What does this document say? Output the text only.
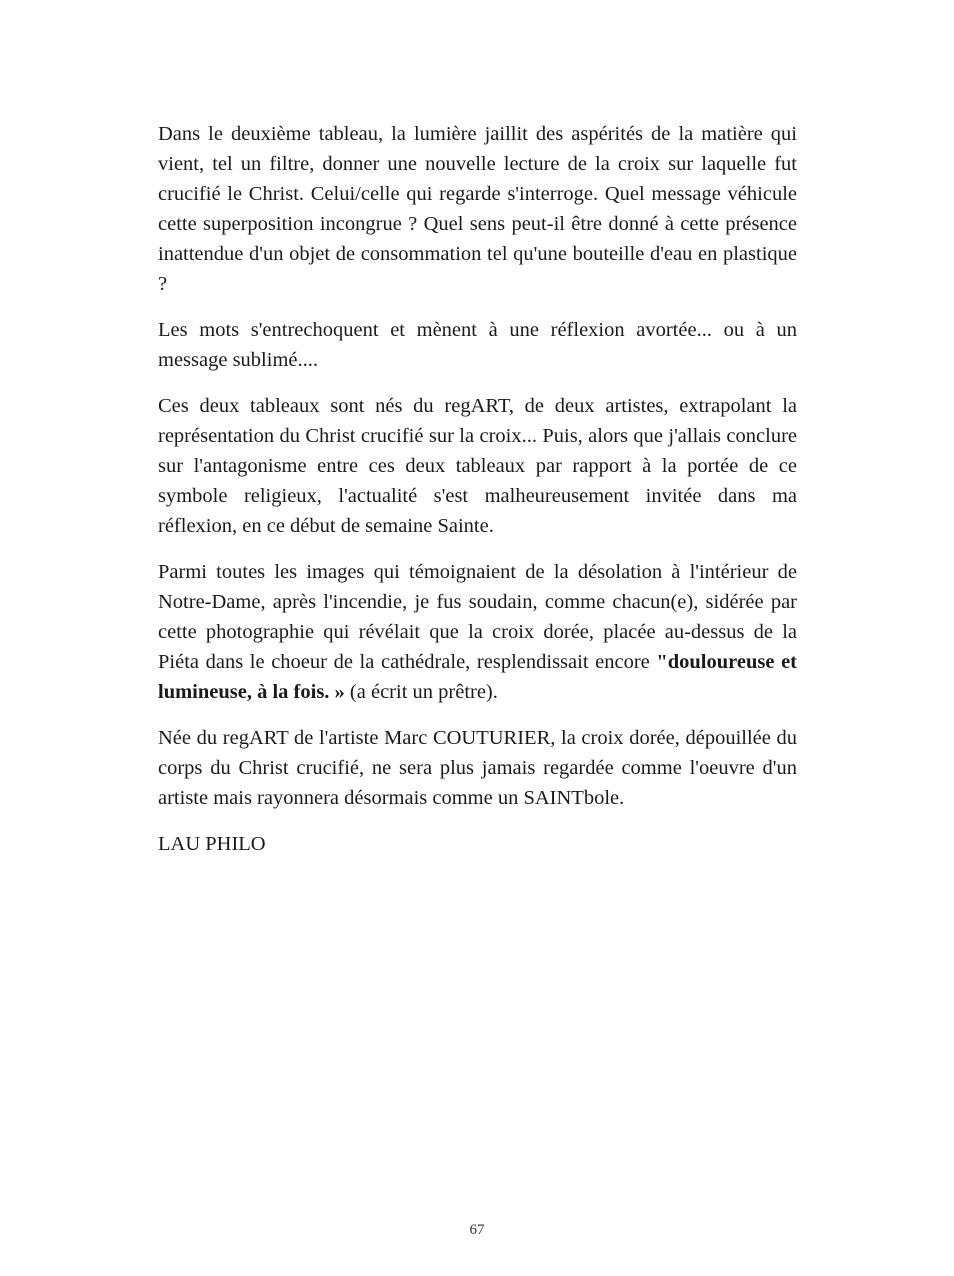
Dans le deuxième tableau, la lumière jaillit des aspérités de la matière qui vient, tel un filtre, donner une nouvelle lecture de la croix sur laquelle fut crucifié le Christ. Celui/celle qui regarde s'interroge. Quel message véhicule cette superposition incongrue ? Quel sens peut-il être donné à cette présence inattendue d'un objet de consommation tel qu'une bouteille d'eau en plastique ?

Les mots s'entrechoquent et mènent à une réflexion avortée... ou à un message sublimé....

Ces deux tableaux sont nés du regART, de deux artistes, extrapolant la représentation du Christ crucifié sur la croix... Puis, alors que j'allais conclure sur l'antagonisme entre ces deux tableaux par rapport à la portée de ce symbole religieux, l'actualité s'est malheureusement invitée dans ma réflexion, en ce début de semaine Sainte.

Parmi toutes les images qui témoignaient de la désolation à l'intérieur de Notre-Dame, après l'incendie, je fus soudain, comme chacun(e), sidérée par cette photographie qui révélait que la croix dorée, placée au-dessus de la Piéta dans le choeur de la cathédrale, resplendissait encore "douloureuse et lumineuse, à la fois. » (a écrit un prêtre).

Née du regART de l'artiste Marc COUTURIER, la croix dorée, dépouillée du corps du Christ crucifié, ne sera plus jamais regardée comme l'oeuvre d'un artiste mais rayonnera désormais comme un SAINTbole.

LAU PHILO

67
